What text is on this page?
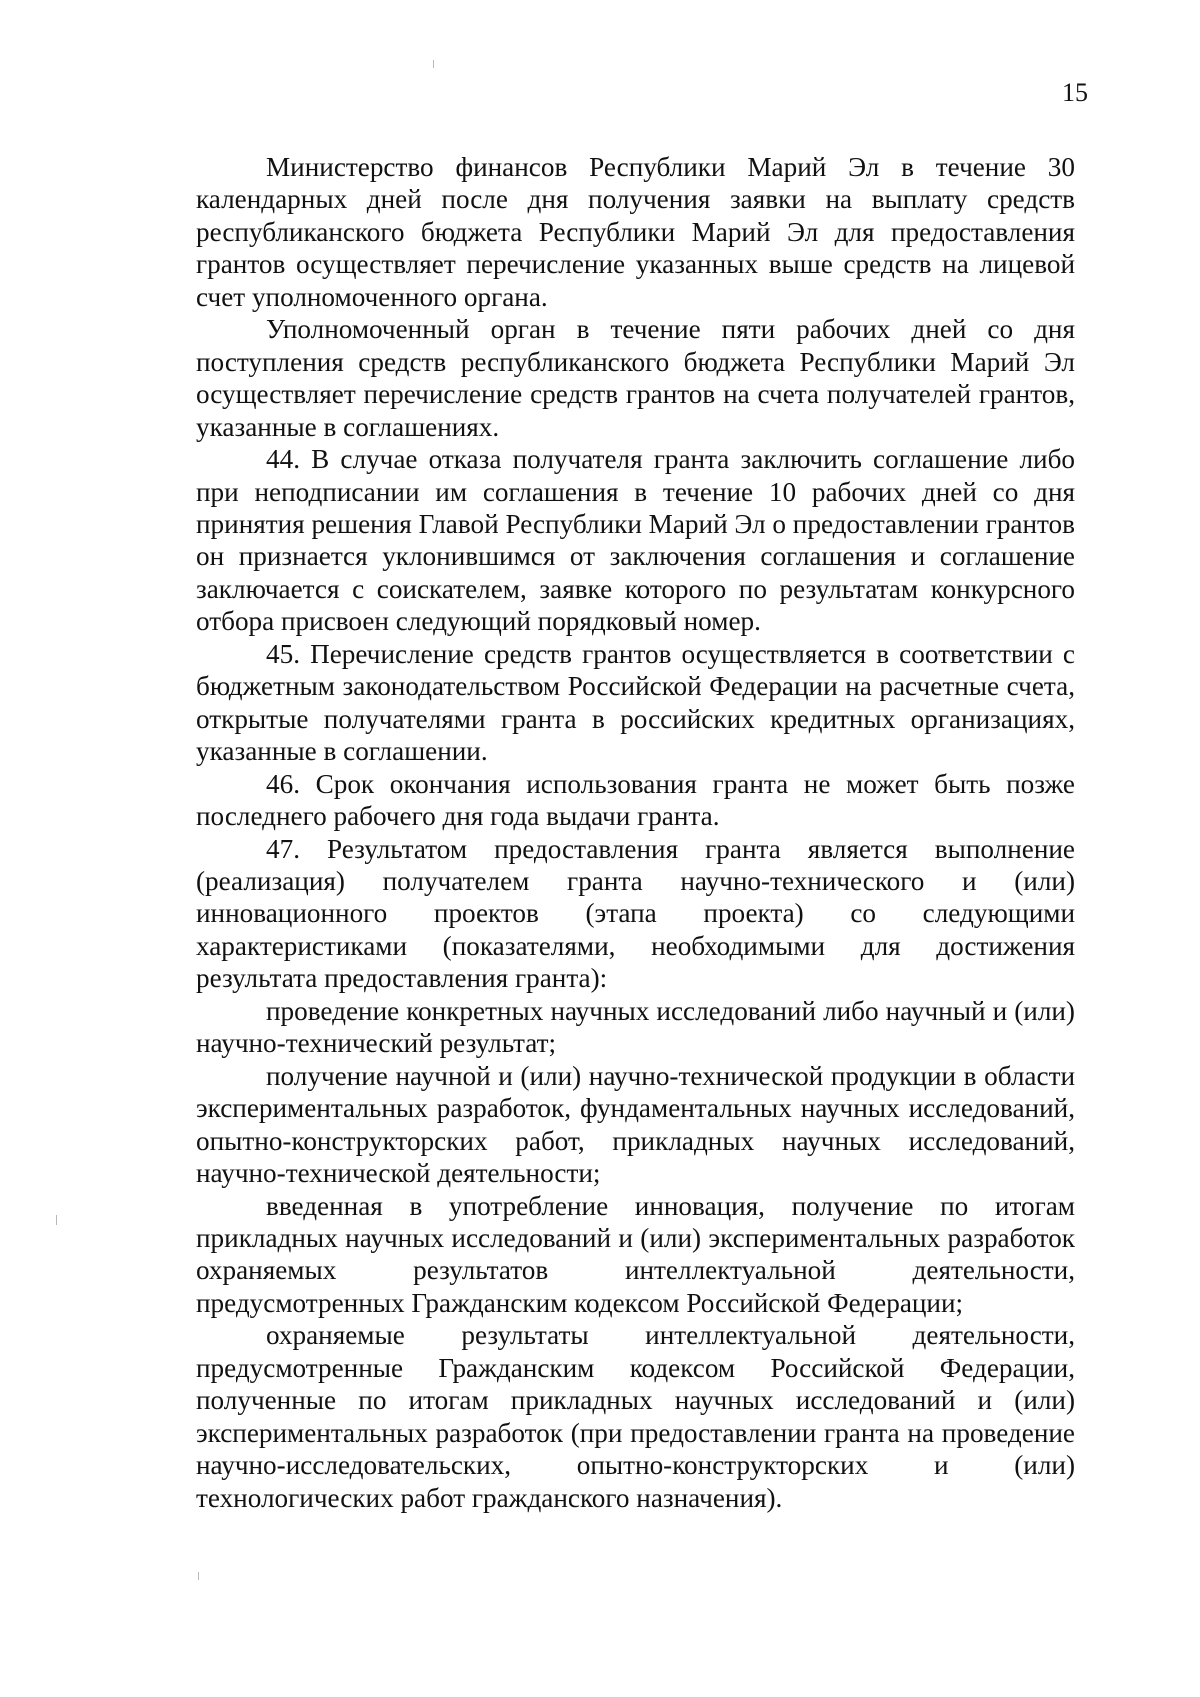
15

Министерство финансов Республики Марий Эл в течение 30 календарных дней после дня получения заявки на выплату средств республиканского бюджета Республики Марий Эл для предоставления грантов осуществляет перечисление указанных выше средств на лицевой счет уполномоченного органа.

Уполномоченный орган в течение пяти рабочих дней со дня поступления средств республиканского бюджета Республики Марий Эл осуществляет перечисление средств грантов на счета получателей грантов, указанные в соглашениях.

44. В случае отказа получателя гранта заключить соглашение либо при неподписании им соглашения в течение 10 рабочих дней со дня принятия решения Главой Республики Марий Эл о предоставлении грантов он признается уклонившимся от заключения соглашения и соглашение заключается с соискателем, заявке которого по результатам конкурсного отбора присвоен следующий порядковый номер.

45. Перечисление средств грантов осуществляется в соответствии с бюджетным законодательством Российской Федерации на расчетные счета, открытые получателями гранта в российских кредитных организациях, указанные в соглашении.

46. Срок окончания использования гранта не может быть позже последнего рабочего дня года выдачи гранта.

47. Результатом предоставления гранта является выполнение (реализация) получателем гранта научно-технического и (или) инновационного проектов (этапа проекта) со следующими характеристиками (показателями, необходимыми для достижения результата предоставления гранта):

проведение конкретных научных исследований либо научный и (или) научно-технический результат;

получение научной и (или) научно-технической продукции в области экспериментальных разработок, фундаментальных научных исследований, опытно-конструкторских работ, прикладных научных исследований, научно-технической деятельности;

введенная в употребление инновация, получение по итогам прикладных научных исследований и (или) экспериментальных разработок охраняемых результатов интеллектуальной деятельности, предусмотренных Гражданским кодексом Российской Федерации;

охраняемые результаты интеллектуальной деятельности, предусмотренные Гражданским кодексом Российской Федерации, полученные по итогам прикладных научных исследований и (или) экспериментальных разработок (при предоставлении гранта на проведение научно-исследовательских, опытно-конструкторских и (или) технологических работ гражданского назначения).
